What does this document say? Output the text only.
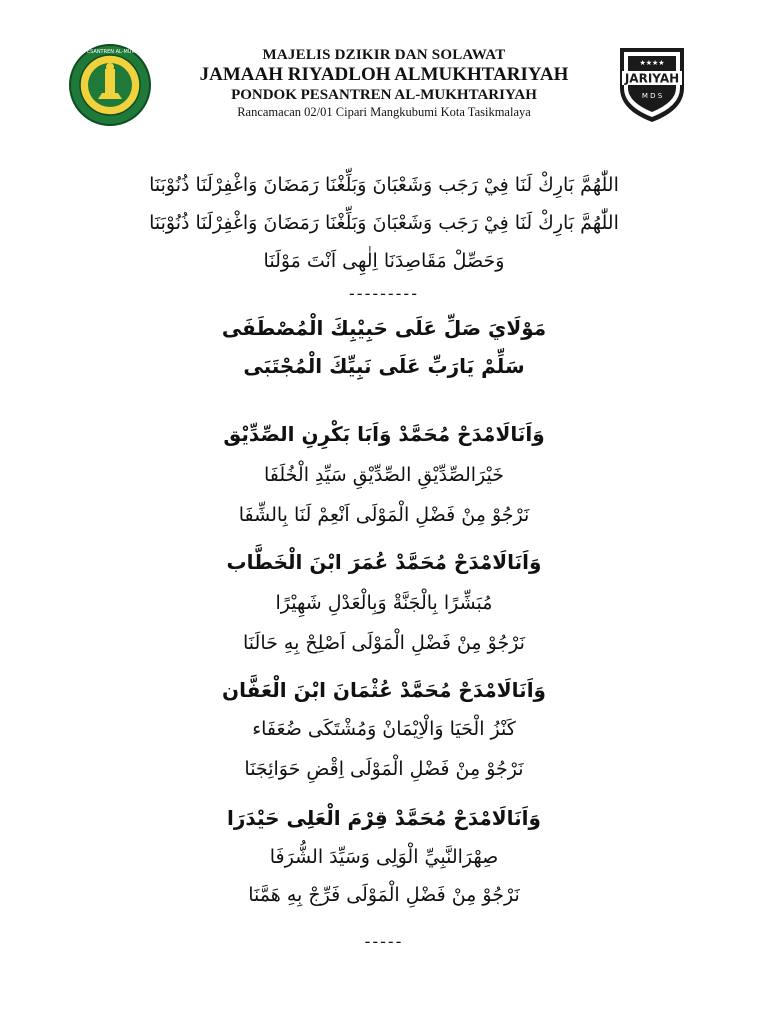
PONDOK PESANTREN AL-MUKHTARIYAH	MAJELIS DZIKIR DAN SOLAWAT
JAMAAH RIYADLOH ALMUKHTARIYAH
PONDOK PESANTREN AL-MUKHTARIYAH
Rancamacan 02/01 Cipari Mangkubumi Kota Tasikmalaya
★★★★
JARIYAH
M D S
اللّٰهُمَّ بَارِكْ لَنَا فِيْ رَجَب وَشَعْبَانَ وَبَلِّغْنَا رَمَضَانَ وَاغْفِرْلَنَا ذُنُوْبَنَا
اللّٰهُمَّ بَارِكْ لَنَا فِيْ رَجَب وَشَعْبَانَ وَبَلِّغْنَا رَمَضَانَ وَاغْفِرْلَنَا ذُنُوْبَنَا
وَحَصِّلْ مَقَاصِدَنَا اِلٰهِى اَنْتَ مَوْلَنَا
---------
مَوْلَايَ صَلِّ عَلَى حَبِيْبِكَ الْمُصْطَفَى
سَلِّمْ يَارَبِّ عَلَى نَبِيِّكَ الْمُجْتَبَى
وَاَنَالَامْدَحْ مُحَمَّدْ وَاَبَا بَكْرِنِ الصِّدِّيْق
خَيْرَالصِّدِّيْقِ الصِّدِّيْقِ سَيِّدِ الْخُلَفَا
نَرْجُوْ مِنْ فَضْلِ الْمَوْلَى اَنْعِمْ لَنَا بِالشِّفَا
وَاَنَالَامْدَحْ مُحَمَّدْ عُمَرَ ابْنَ الْخَطَّاب
مُبَشِّرًا بِالْجَنَّةْ وَبِالْعَدْلِ شَهِيْرًا
نَرْجُوْ مِنْ فَضْلِ الْمَوْلَى اَصْلِحْ بِهِ حَالَنَا
وَاَنَالَامْدَحْ مُحَمَّدْ عُثْمَانَ ابْنَ الْعَفَّان
كَنْزُ الْحَيَا وَالْاِيْمَانْ وَمُشْتَكَى ضُعَفَاء
نَرْجُوْ مِنْ فَضْلِ الْمَوْلَى اِقْضِ حَوَائِجَنَا
وَاَنَالَامْدَحْ مُحَمَّدْ قِرْمَ الْعَلِى حَيْدَرَا
صِهْرَالنَّبِيِّ الْوَلِى وَسَيِّدَ الشُّرَفَا
نَرْجُوْ مِنْ فَضْلِ الْمَوْلَى فَرِّجْ بِهِ هَمَّنَا
-----
